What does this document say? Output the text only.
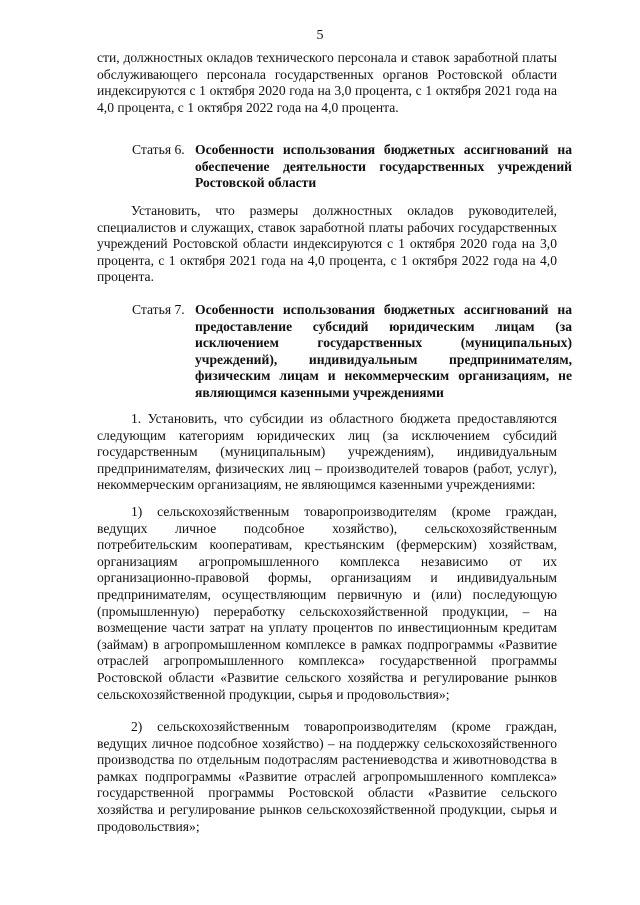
5

сти, должностных окладов технического персонала и ставок заработной платы обслуживающего персонала государственных органов Ростовской области индексируются с 1 октября 2020 года на 3,0 процента, с 1 октября 2021 года на 4,0 процента, с 1 октября 2022 года на 4,0 процента.

Статья 6. Особенности использования бюджетных ассигнований на обеспечение деятельности государственных учреждений Ростовской области

Установить, что размеры должностных окладов руководителей, специалистов и служащих, ставок заработной платы рабочих государственных учреждений Ростовской области индексируются с 1 октября 2020 года на 3,0 процента, с 1 октября 2021 года на 4,0 процента, с 1 октября 2022 года на 4,0 процента.

Статья 7. Особенности использования бюджетных ассигнований на предоставление субсидий юридическим лицам (за исключением государственных (муниципальных) учреждений), индивидуальным предпринимателям, физическим лицам и некоммерческим организациям, не являющимся казенными учреждениями

1. Установить, что субсидии из областного бюджета предоставляются следующим категориям юридических лиц (за исключением субсидий государственным (муниципальным) учреждениям), индивидуальным предпринимателям, физических лиц – производителей товаров (работ, услуг), некоммерческим организациям, не являющимся казенными учреждениями:

1) сельскохозяйственным товаропроизводителям (кроме граждан, ведущих личное подсобное хозяйство), сельскохозяйственным потребительским кооперативам, крестьянским (фермерским) хозяйствам, организациям агропромышленного комплекса независимо от их организационно-правовой формы, организациям и индивидуальным предпринимателям, осуществляющим первичную и (или) последующую (промышленную) переработку сельскохозяйственной продукции, – на возмещение части затрат на уплату процентов по инвестиционным кредитам (займам) в агропромышленном комплексе в рамках подпрограммы «Развитие отраслей агропромышленного комплекса» государственной программы Ростовской области «Развитие сельского хозяйства и регулирование рынков сельскохозяйственной продукции, сырья и продовольствия»;

2) сельскохозяйственным товаропроизводителям (кроме граждан, ведущих личное подсобное хозяйство) – на поддержку сельскохозяйственного производства по отдельным подотраслям растениеводства и животноводства в рамках подпрограммы «Развитие отраслей агропромышленного комплекса» государственной программы Ростовской области «Развитие сельского хозяйства и регулирование рынков сельскохозяйственной продукции, сырья и продовольствия»;
